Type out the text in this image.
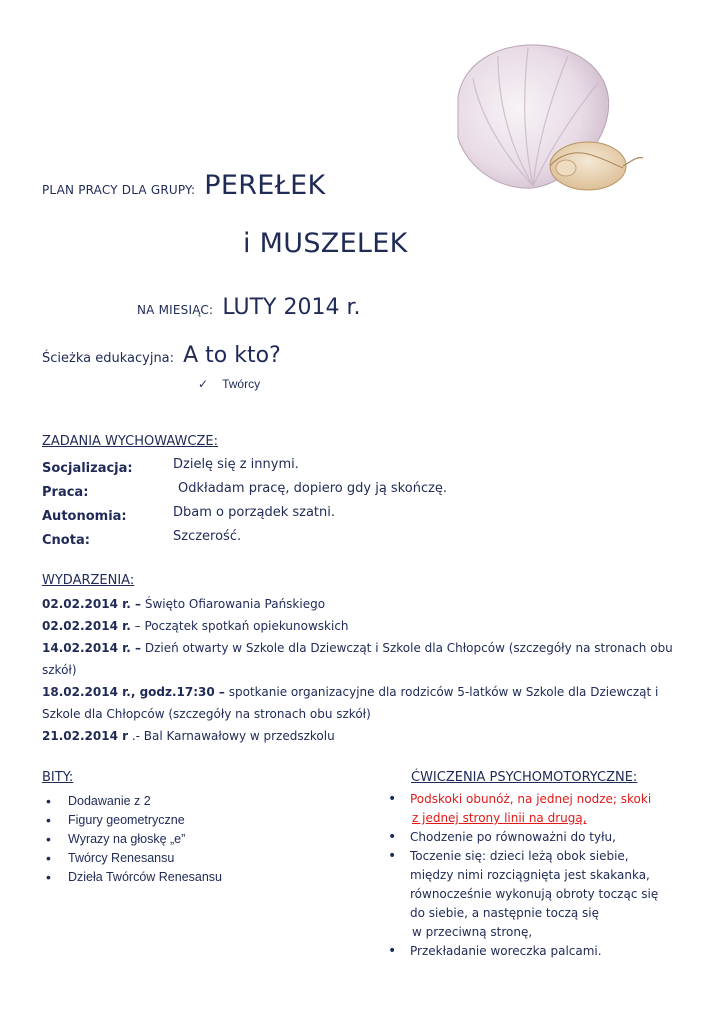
PLAN PRACY DLA GRUPY: PEREŁEK
i MUSZELEK
NA MIESIĄC: LUTY 2014 r.
Ścieżka edukacyjna: A to kto?
✓ Twórcy
ZADANIA WYCHOWAWCZE:
Socjalizacja:	Dzielę się z innymi.
Praca:	Odkładam pracę, dopiero gdy ją skończę.
Autonomia:	Dbam o porządek szatni.
Cnota:	Szczerość.
WYDARZENIA:
02.02.2014 r. – Święto Ofiarowania Pańskiego
02.02.2014 r. – Początek spotkań opiekunowskich
14.02.2014 r. – Dzień otwarty w Szkole dla Dziewcząt i Szkole dla Chłopców (szczegóły na stronach obu szkół)
18.02.2014 r., godz.17:30 – spotkanie organizacyjne dla rodziców 5-latków w Szkole dla Dziewcząt i Szkole dla Chłopców (szczegóły na stronach obu szkół)
21.02.2014 r .- Bal Karnawałowy w przedszkolu
BITY:
• Dodawanie z 2
• Figury geometryczne
• Wyrazy na głoskę „e”
• Twórcy Renesansu
• Dzieła Twórców Renesansu
ĆWICZENIA PSYCHOMOTORYCZNE:
• Podskoki obunóż, na jednej nodze; skoki
z jednej strony linii na drugą,
• Chodzenie po równoważni do tyłu,
• Toczenie się: dzieci leżą obok siebie,
między nimi rozciągnięta jest skakanka,
równocześnie wykonują obroty tocząc się
do siebie, a następnie toczą się
w przeciwną stronę,
• Przekładanie woreczka palcami.
